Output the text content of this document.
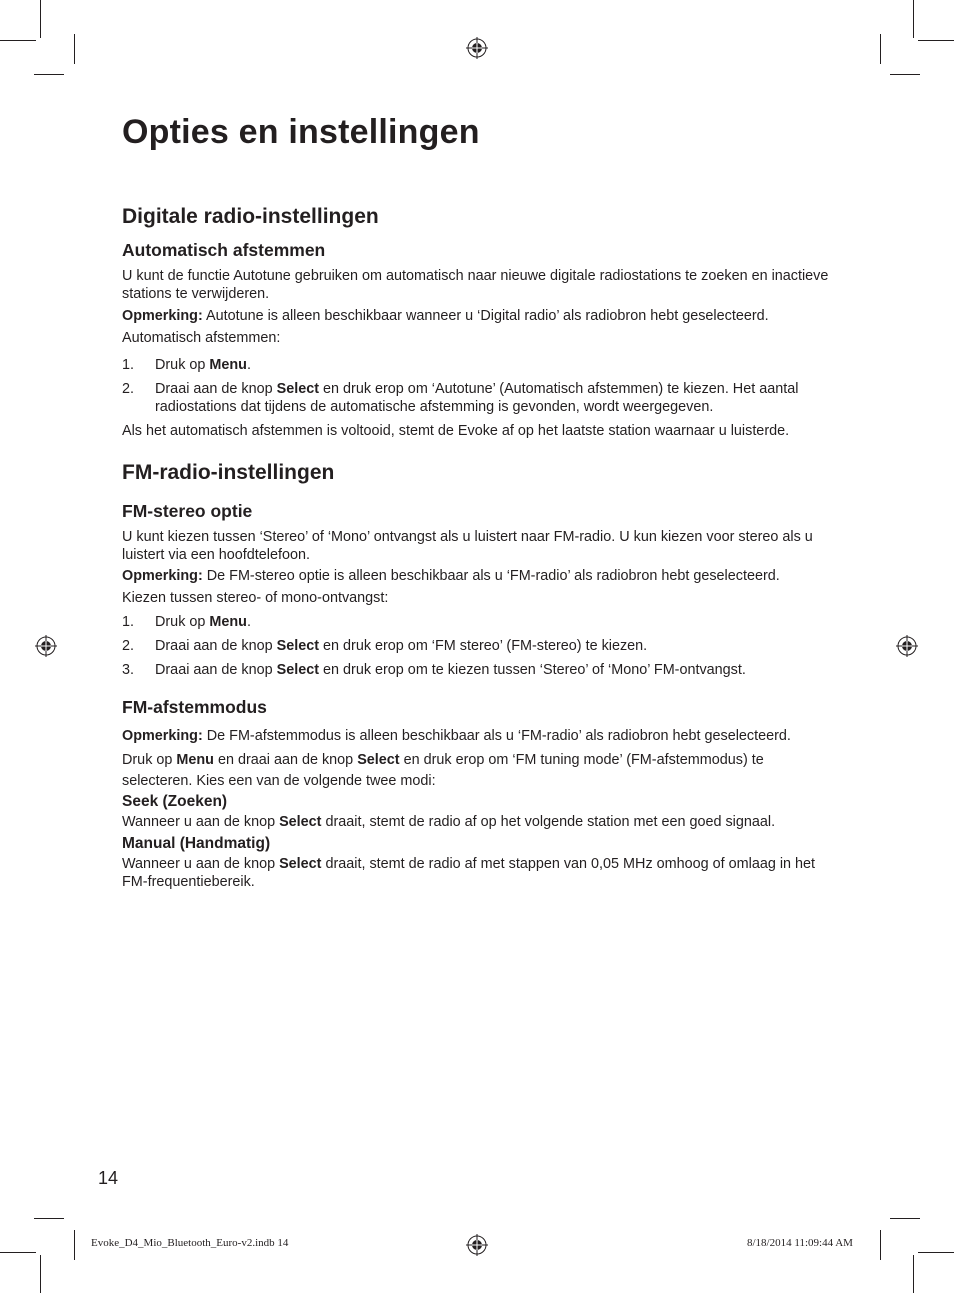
Opties en instellingen
Digitale radio-instellingen
Automatisch afstemmen

U kunt de functie Autotune gebruiken om automatisch naar nieuwe digitale radiostations te zoeken en inactieve stations te verwijderen.

Opmerking: Autotune is alleen beschikbaar wanneer u ‘Digital radio’ als radiobron hebt geselecteerd.

Automatisch afstemmen:

1. Druk op Menu.
2. Draai aan de knop Select en druk erop om ‘Autotune’ (Automatisch afstemmen) te kiezen. Het aantal radiostations dat tijdens de automatische afstemming is gevonden, wordt weergegeven.

Als het automatisch afstemmen is voltooid, stemt de Evoke af op het laatste station waarnaar u luisterde.

FM-radio-instellingen
FM-stereo optie

U kunt kiezen tussen ‘Stereo’ of ‘Mono’ ontvangst als u luistert naar FM-radio. U kun kiezen voor stereo als u luistert via een hoofdtelefoon.

Opmerking: De FM-stereo optie is alleen beschikbaar als u ‘FM-radio’ als radiobron hebt geselecteerd.

Kiezen tussen stereo- of mono-ontvangst:

1. Druk op Menu.
2. Draai aan de knop Select en druk erop om ‘FM stereo’ (FM-stereo) te kiezen.
3. Draai aan de knop Select en druk erop om te kiezen tussen ‘Stereo’ of ‘Mono’ FM-ontvangst.
FM-afstemmodus

Opmerking: De FM-afstemmodus is alleen beschikbaar als u ‘FM-radio’ als radiobron hebt geselecteerd.

Druk op Menu en draai aan de knop Select en druk erop om ‘FM tuning mode’ (FM-afstemmodus) te selecteren. Kies een van de volgende twee modi:

Seek (Zoeken)

Wanneer u aan de knop Select draait, stemt de radio af op het volgende station met een goed signaal.

Manual (Handmatig)

Wanneer u aan de knop Select draait, stemt de radio af met stappen van 0,05 MHz omhoog of omlaag in het FM-frequentiebereik.

14
Evoke_D4_Mio_Bluetooth_Euro-v2.indb 14	8/18/2014 11:09:44 AM
